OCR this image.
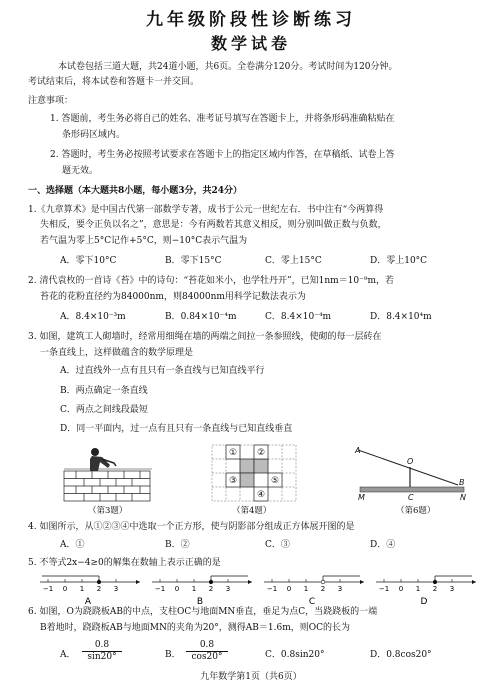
九年级阶段性诊断练习
数学试卷
本试卷包括三道大题，共24道小题，共6页。全卷满分120分。考试时间为120分钟。
考试结束后，将本试卷和答题卡一并交回。
注意事项：
1. 答题前，考生务必将自己的姓名、准考证号填写在答题卡上，并将条形码准确粘贴在
条形码区域内。
2. 答题时，考生务必按照考试要求在答题卡上的指定区域内作答，在草稿纸、试卷上答
题无效。
一、选择题（本大题共8小题，每小题3分，共24分）
1.《九章算术》是中国古代第一部数学专著，成书于公元一世纪左右．书中注有“今两算得
失相反，要令正负以名之”，意思是：今有两数若其意义相反，则分别叫做正数与负数，
若气温为零上5°C记作+5°C，则−10°C表示气温为
A．零下10°C	B．零下15°C	C．零上15°C	D．零上10°C
2. 清代袁枚的一首诗《苔》中的诗句：“苔花如米小，也学牡丹开”，已知1nm＝10⁻⁹m，若
苔花的花粉直径约为84000nm，则84000nm用科学记数法表示为
A．8.4×10⁻³m	B．0.84×10⁻⁴m	C．8.4×10⁻⁴m	D．8.4×10⁴m
3. 如图，建筑工人砌墙时，经常用细绳在墙的两端之间拉一条参照线，使砌的每一层砖在
一条直线上，这样做蕴含的数学原理是
A．过直线外一点有且只有一条直线与已知直线平行
B．两点确定一条直线
C．两点之间线段最短
D．同一平面内，过一点有且只有一条直线与已知直线垂直
（第3题）
① ②
③
④
⑤
（第4题）
A
O
B
M	C	N
（第6题）
4. 如图所示，从①②③④中选取一个正方形，使与阴影部分组成正方体展开图的是
A．①	B．②	C．③	D．④
5. 不等式2x−4≥0的解集在数轴上表示正确的是
−1 0 1 2 3
A
−1 0 1 2 3
B
−1 0 1 2 3
C
−1 0 1 2 3
D
6. 如图，O为跷跷板AB的中点，支柱OC与地面MN垂直，垂足为点C，当跷跷板的一端
B着地时，跷跷板AB与地面MN的夹角为20°，测得AB＝1.6m，则OC的长为
A． $\frac{0.8}{\sin 20^\circ}$	B． $\frac{0.8}{\cos 20^\circ}$	C．0.8sin20°	D．0.8cos20°
九年数学第1页（共6页）
